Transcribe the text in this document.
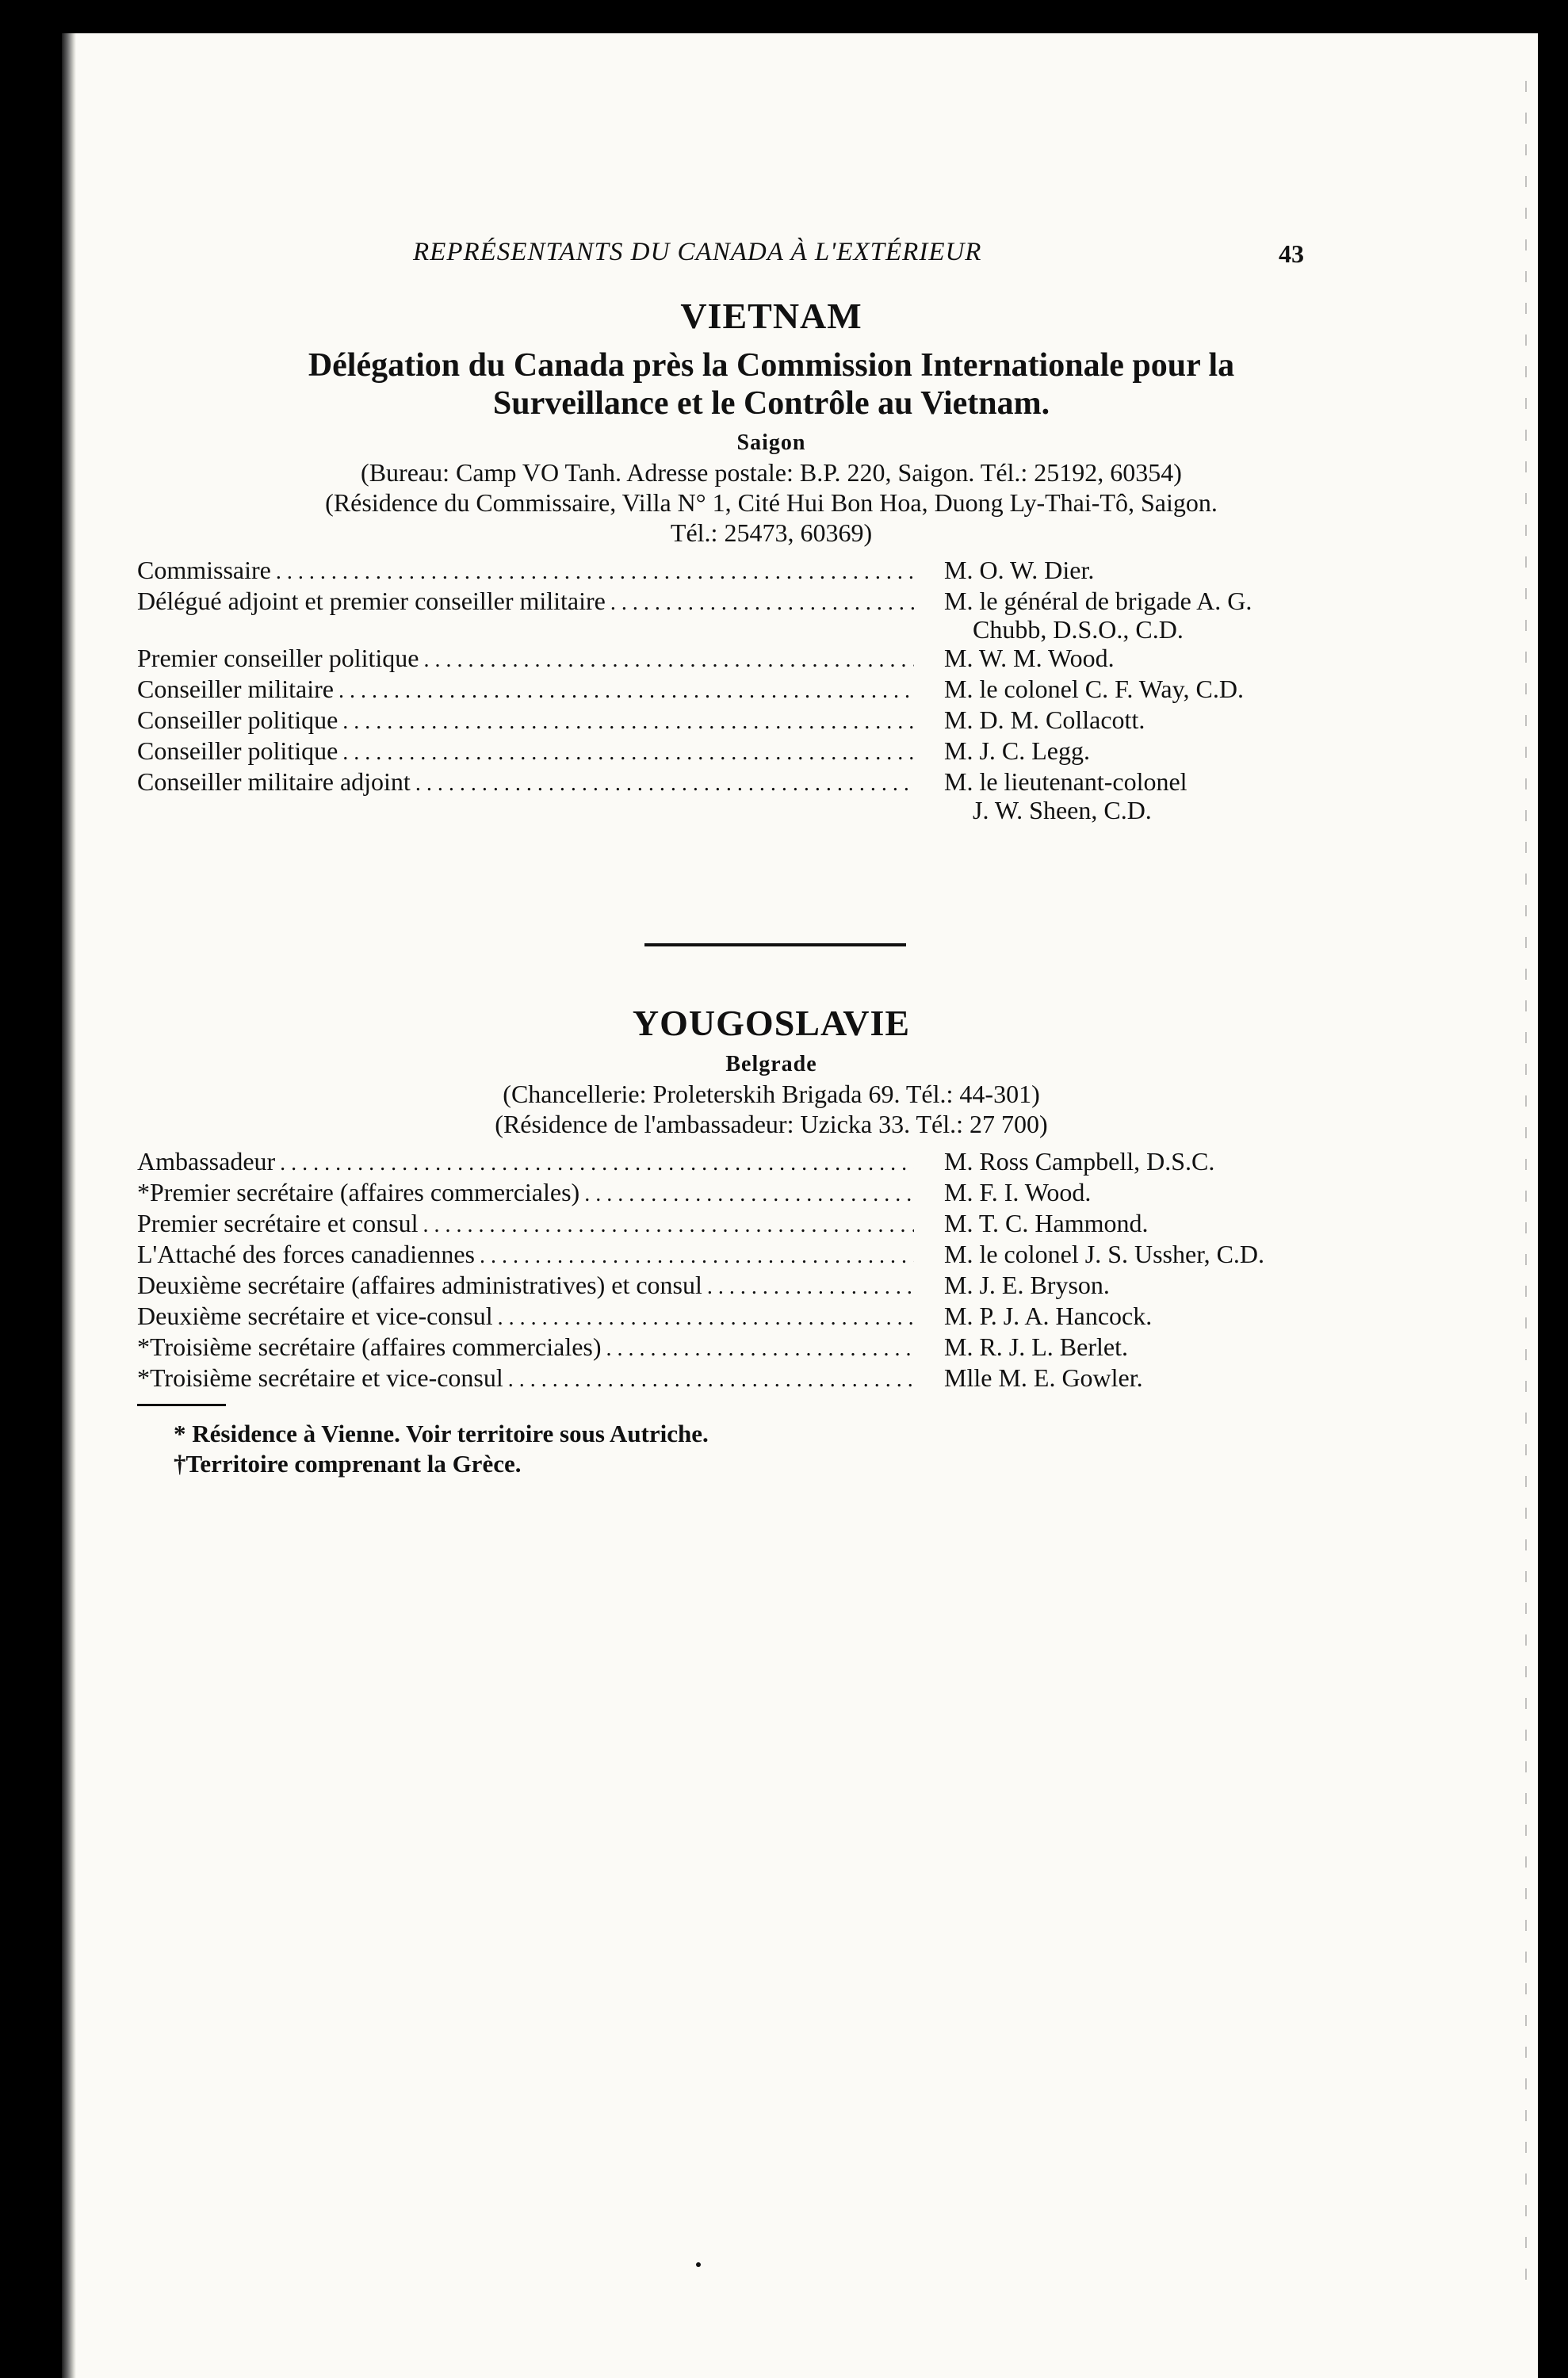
REPRÉSENTANTS DU CANADA À L'EXTÉRIEUR	43
VIETNAM

Délégation du Canada près la Commission Internationale pour la
Surveillance et le Contrôle au Vietnam.

Saigon

(Bureau: Camp VO Tanh. Adresse postale: B.P. 220, Saigon. Tél.: 25192, 60354)
(Résidence du Commissaire, Villa N° 1, Cité Hui Bon Hoa, Duong Ly-Thai-Tô, Saigon.
Tél.: 25473, 60369)

Commissaire . . .	M. O. W. Dier.
Délégué adjoint et premier conseiller militaire . . .	M. le général de brigade A. G.
Chubb, D.S.O., C.D.
Premier conseiller politique . . .	M. W. M. Wood.
Conseiller militaire . . .	M. le colonel C. F. Way, C.D.
Conseiller politique . . .	M. D. M. Collacott.
Conseiller politique . . .	M. J. C. Legg.
Conseiller militaire adjoint . . .	M. le lieutenant-colonel
J. W. Sheen, C.D.
YOUGOSLAVIE

Belgrade

(Chancellerie: Proleterskih Brigada 69. Tél.: 44-301)
(Résidence de l'ambassadeur: Uzicka 33. Tél.: 27 700)

Ambassadeur . . .	M. Ross Campbell, D.S.C.
*Premier secrétaire (affaires commerciales) . . .	M. F. I. Wood.
Premier secrétaire et consul . . .	M. T. C. Hammond.
L'Attaché des forces canadiennes . . .	M. le colonel J. S. Ussher, C.D.
Deuxième secrétaire (affaires administratives) et consul . . .	M. J. E. Bryson.
Deuxième secrétaire et vice-consul . . .	M. P. J. A. Hancock.
*Troisième secrétaire (affaires commerciales) . . .	M. R. J. L. Berlet.
*Troisième secrétaire et vice-consul . . .	Mlle M. E. Gowler.
* Résidence à Vienne. Voir territoire sous Autriche.
†Territoire comprenant la Grèce.
